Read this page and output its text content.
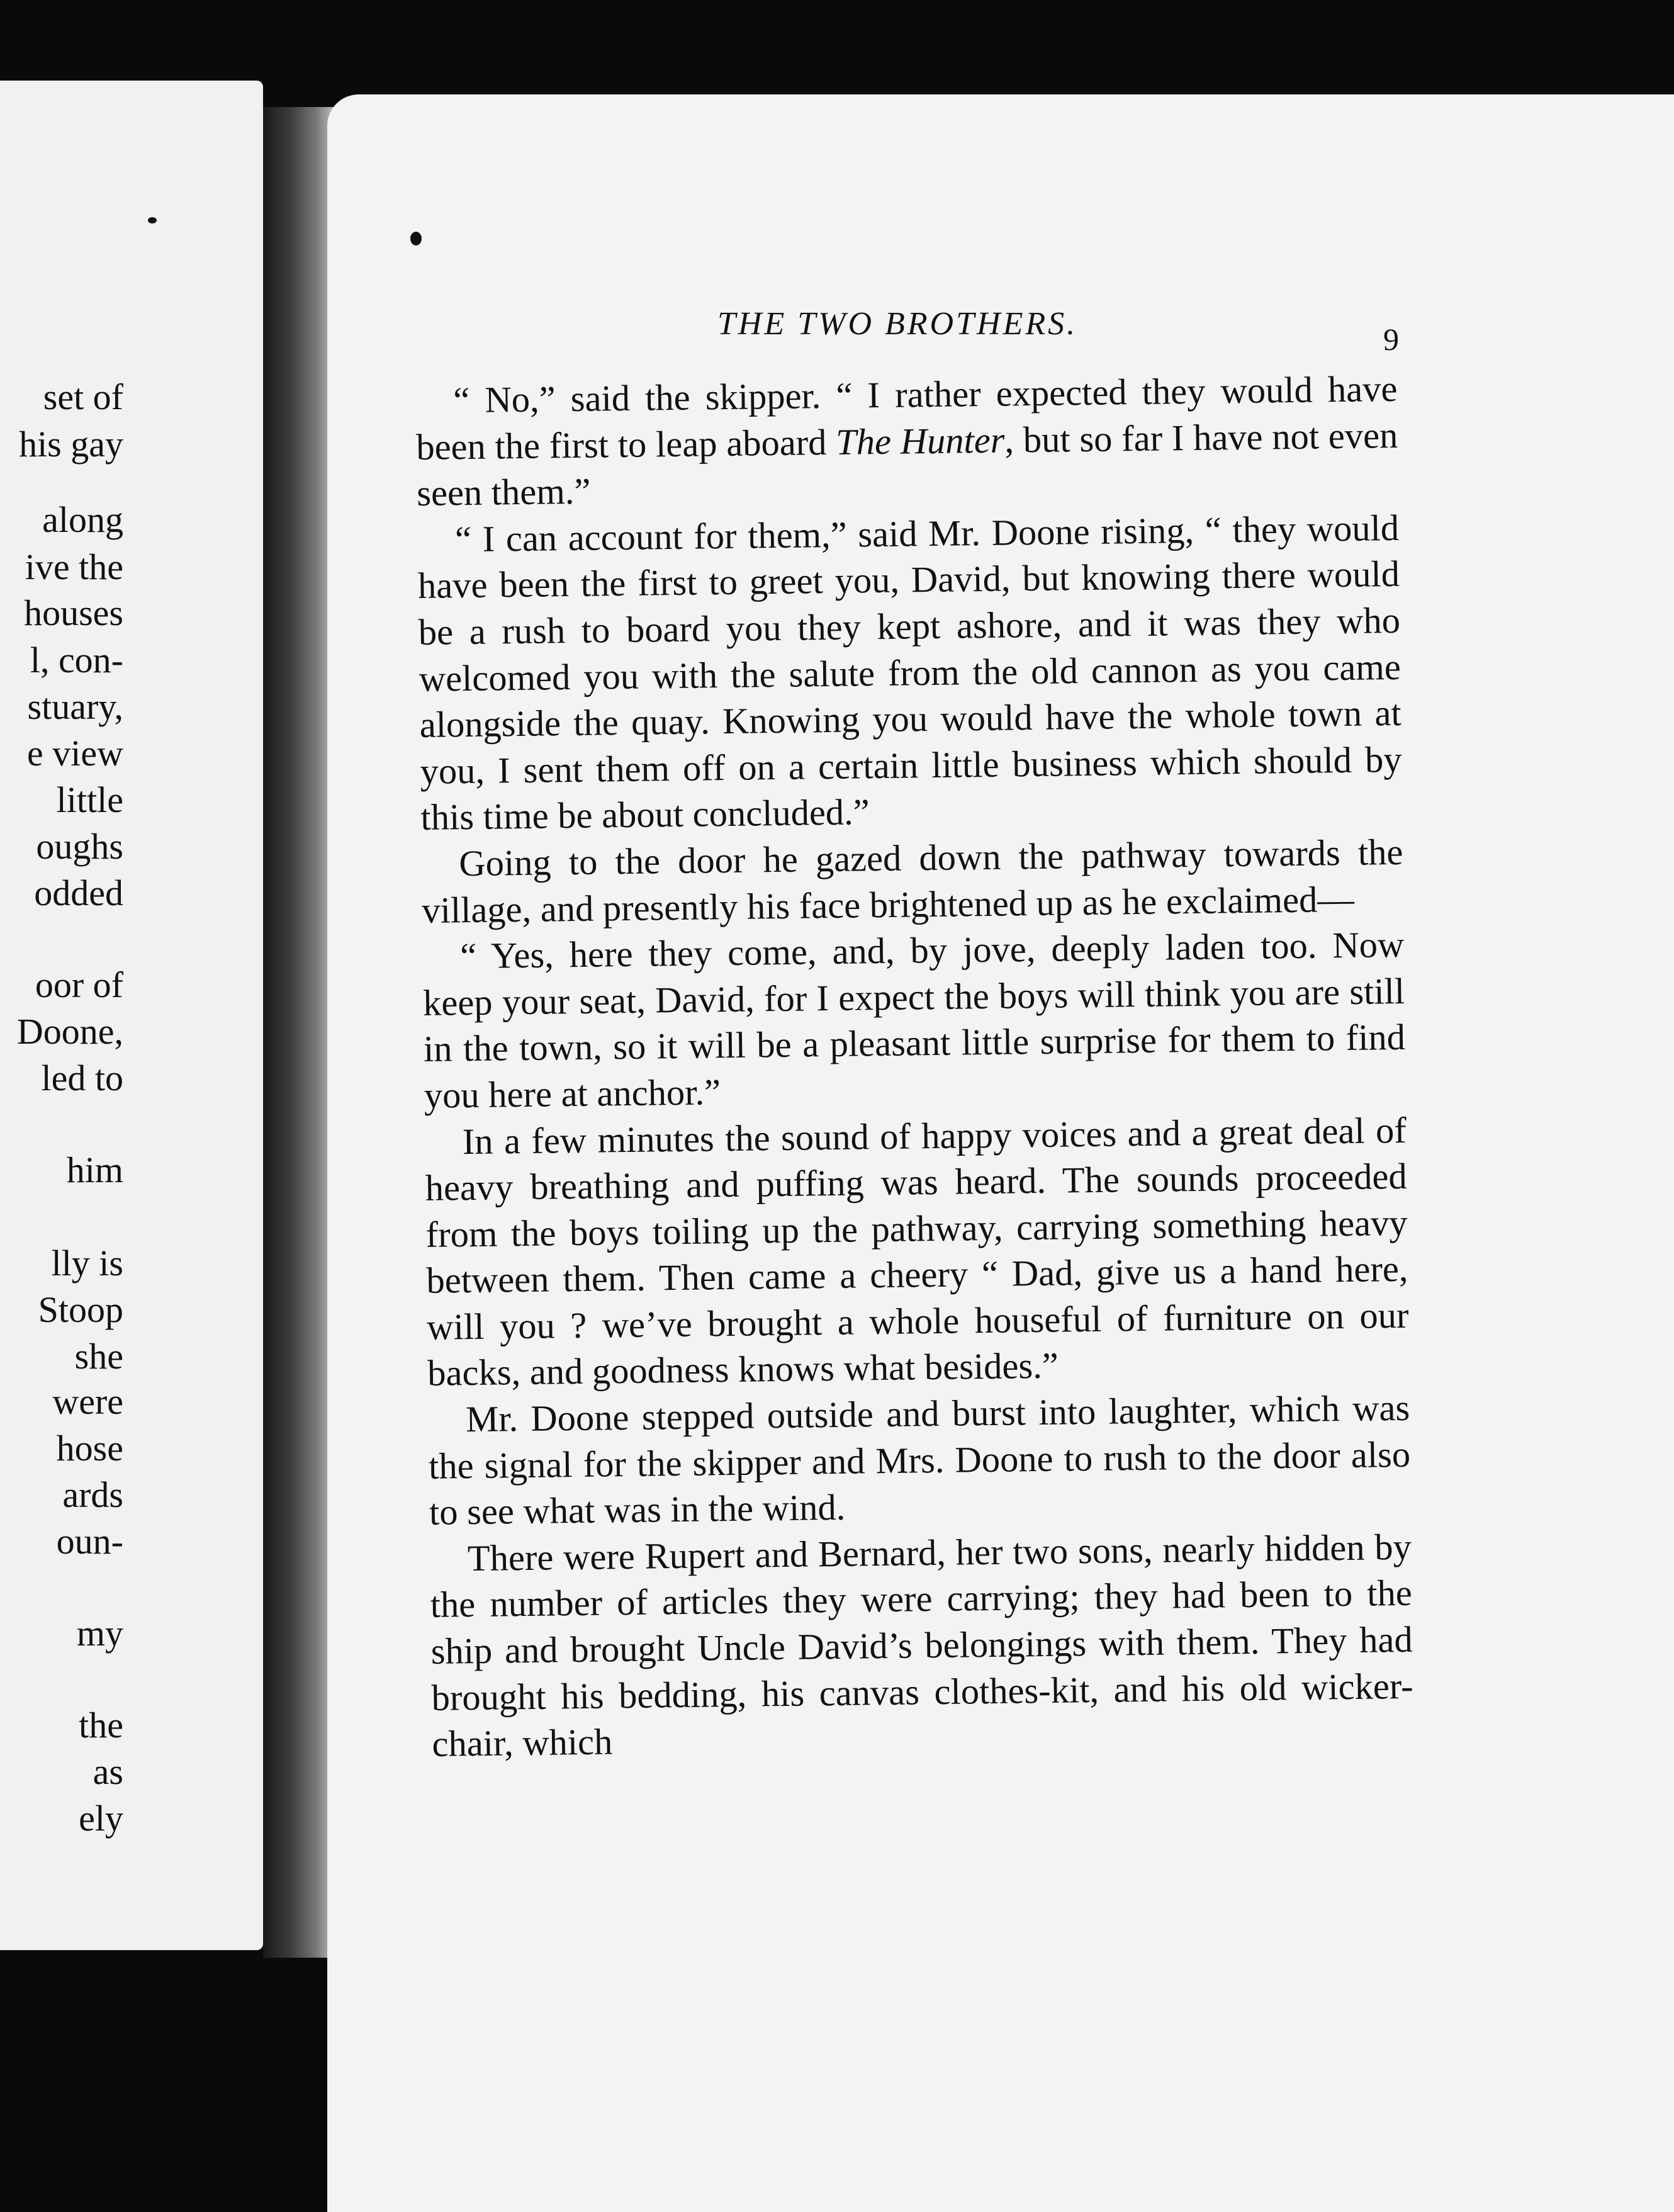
set of
his gay
along
ive the
houses
l, con-
stuary,
e view
little
oughs
odded
oor of
Doone,
led to
him
lly is
Stoop
she
were
hose
ards
oun-
my
the
as
ely
THE TWO BROTHERS.	9

“ No,” said the skipper. “ I rather expected they would have been the first to leap aboard The Hunter, but so far I have not even seen them.”

“ I can account for them,” said Mr. Doone rising, “ they would have been the first to greet you, David, but knowing there would be a rush to board you they kept ashore, and it was they who welcomed you with the salute from the old cannon as you came alongside the quay. Knowing you would have the whole town at you, I sent them off on a certain little business which should by this time be about concluded.”

Going to the door he gazed down the pathway towards the village, and presently his face brightened up as he exclaimed—

“ Yes, here they come, and, by jove, deeply laden too. Now keep your seat, David, for I expect the boys will think you are still in the town, so it will be a pleasant little surprise for them to find you here at anchor.”

In a few minutes the sound of happy voices and a great deal of heavy breathing and puffing was heard. The sounds proceeded from the boys toiling up the pathway, carrying something heavy between them. Then came a cheery “ Dad, give us a hand here, will you ? we’ve brought a whole houseful of furniture on our backs, and goodness knows what besides.”

Mr. Doone stepped outside and burst into laughter, which was the signal for the skipper and Mrs. Doone to rush to the door also to see what was in the wind.

There were Rupert and Bernard, her two sons, nearly hidden by the number of articles they were carrying; they had been to the ship and brought Uncle David’s belongings with them. They had brought his bedding, his canvas clothes-kit, and his old wicker-chair, which
